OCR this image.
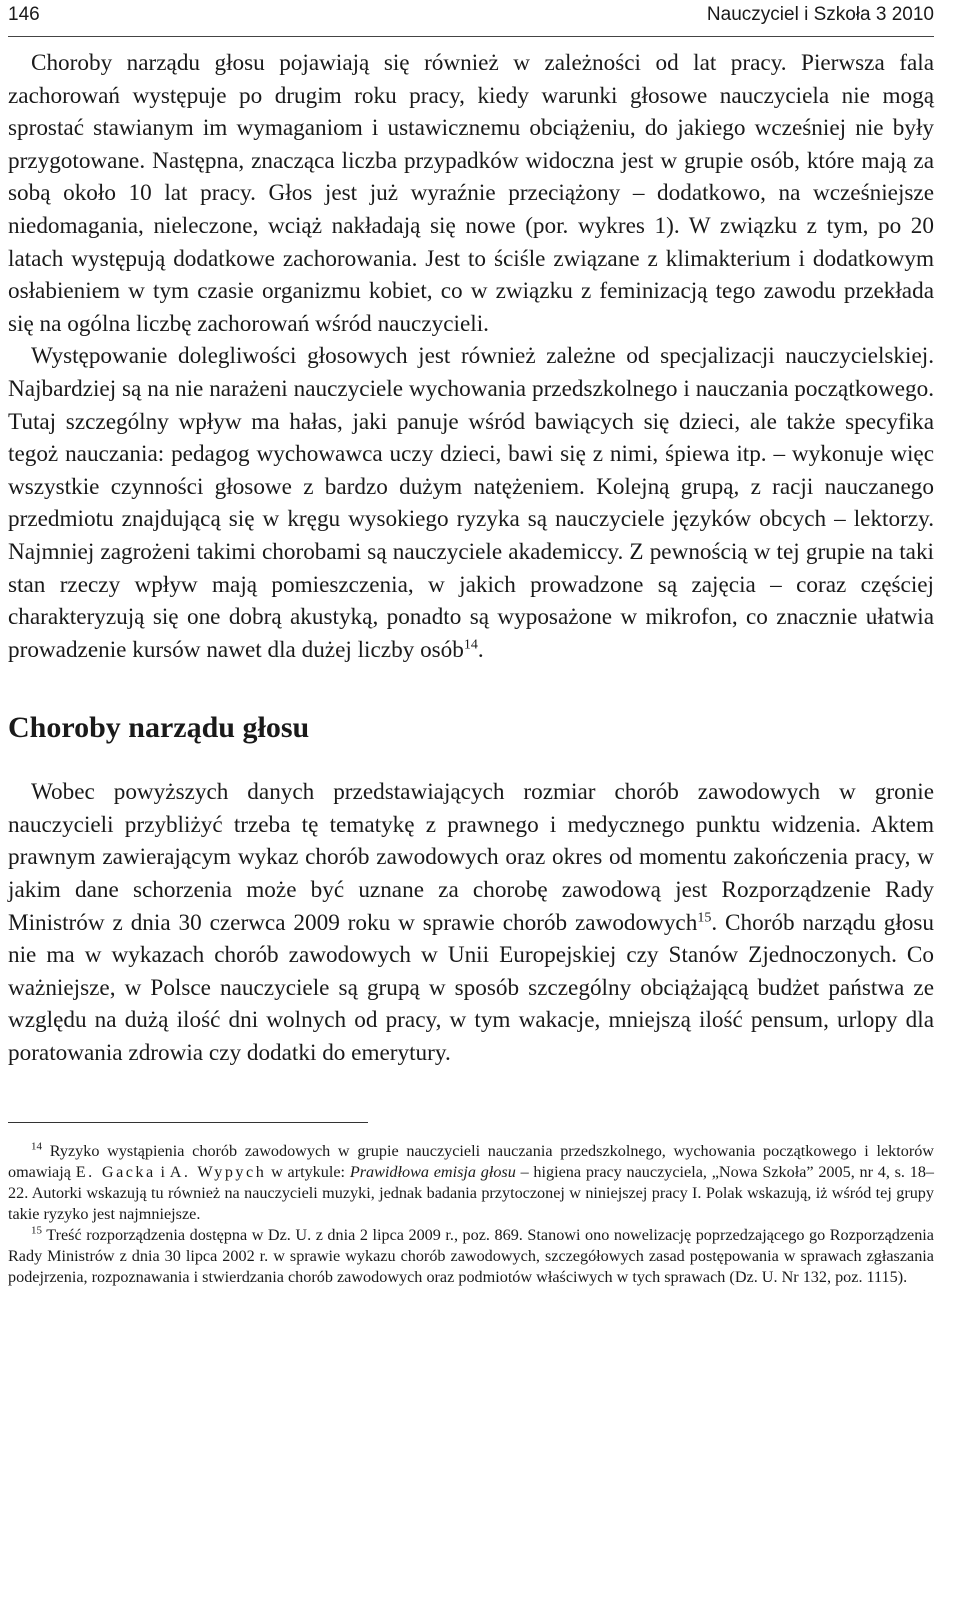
146	Nauczyciel i Szkoła 3 2010

Choroby narządu głosu pojawiają się również w zależności od lat pracy. Pierwsza fala zachorowań występuje po drugim roku pracy, kiedy warunki głosowe nauczyciela nie mogą sprostać stawianym im wymaganiom i ustawicznemu obciążeniu, do jakiego wcześniej nie były przygotowane. Następna, znacząca liczba przypadków widoczna jest w grupie osób, które mają za sobą około 10 lat pracy. Głos jest już wyraźnie przeciążony – dodatkowo, na wcześniejsze niedomagania, nieleczone, wciąż nakładają się nowe (por. wykres 1). W związku z tym, po 20 latach występują dodatkowe zachorowania. Jest to ściśle związane z klimakterium i dodatkowym osłabieniem w tym czasie organizmu kobiet, co w związku z feminizacją tego zawodu przekłada się na ogólna liczbę zachorowań wśród nauczycieli.

Występowanie dolegliwości głosowych jest również zależne od specjalizacji nauczycielskiej. Najbardziej są na nie narażeni nauczyciele wychowania przedszkolnego i nauczania początkowego. Tutaj szczególny wpływ ma hałas, jaki panuje wśród bawiących się dzieci, ale także specyfika tegoż nauczania: pedagog wychowawca uczy dzieci, bawi się z nimi, śpiewa itp. – wykonuje więc wszystkie czynności głosowe z bardzo dużym natężeniem. Kolejną grupą, z racji nauczanego przedmiotu znajdującą się w kręgu wysokiego ryzyka są nauczyciele języków obcych – lektorzy. Najmniej zagrożeni takimi chorobami są nauczyciele akademiccy. Z pewnością w tej grupie na taki stan rzeczy wpływ mają pomieszczenia, w jakich prowadzone są zajęcia – coraz częściej charakteryzują się one dobrą akustyką, ponadto są wyposażone w mikrofon, co znacznie ułatwia prowadzenie kursów nawet dla dużej liczby osób$^{14}$.

Choroby narządu głosu

Wobec powyższych danych przedstawiających rozmiar chorób zawodowych w gronie nauczycieli przybliżyć trzeba tę tematykę z prawnego i medycznego punktu widzenia. Aktem prawnym zawierającym wykaz chorób zawodowych oraz okres od momentu zakończenia pracy, w jakim dane schorzenia może być uznane za chorobę zawodową jest Rozporządzenie Rady Ministrów z dnia 30 czerwca 2009 roku w sprawie chorób zawodowych$^{15}$. Chorób narządu głosu nie ma w wykazach chorób zawodowych w Unii Europejskiej czy Stanów Zjednoczonych. Co ważniejsze, w Polsce nauczyciele są grupą w sposób szczególny obciążającą budżet państwa ze względu na dużą ilość dni wolnych od pracy, w tym wakacje, mniejszą ilość pensum, urlopy dla poratowania zdrowia czy dodatki do emerytury.

$^{14}$ Ryzyko wystąpienia chorób zawodowych w grupie nauczycieli nauczania przedszkolnego, wychowania początkowego i lektorów omawiają E. Gacka i A. Wypych w artykule: Prawidłowa emisja głosu – higiena pracy nauczyciela, „Nowa Szkoła” 2005, nr 4, s. 18–22. Autorki wskazują tu również na nauczycieli muzyki, jednak badania przytoczonej w niniejszej pracy I. Polak wskazują, iż wśród tej grupy takie ryzyko jest najmniejsze.

$^{15}$ Treść rozporządzenia dostępna w Dz. U. z dnia 2 lipca 2009 r., poz. 869. Stanowi ono nowelizację poprzedzającego go Rozporządzenia Rady Ministrów z dnia 30 lipca 2002 r. w sprawie wykazu chorób zawodowych, szczegółowych zasad postępowania w sprawach zgłaszania podejrzenia, rozpoznawania i stwierdzania chorób zawodowych oraz podmiotów właściwych w tych sprawach (Dz. U. Nr 132, poz. 1115).
